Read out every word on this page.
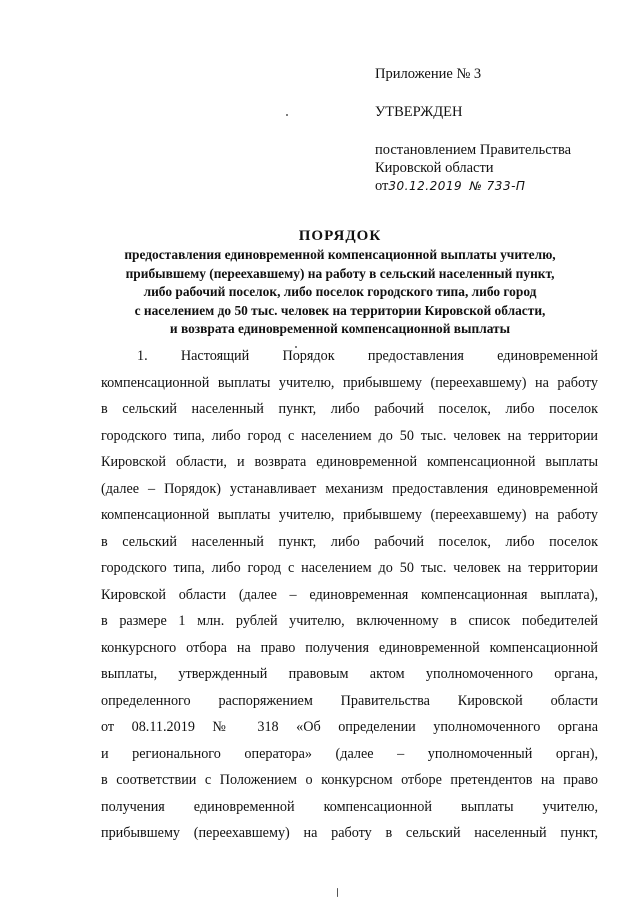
Приложение № 3
УТВЕРЖДЕН
постановлением Правительства
Кировской области
от30.12.2019 № 733-П
ПОРЯДОК
предоставления единовременной компенсационной выплаты учителю,
прибывшему (переехавшему) на работу в сельский населенный пункт,
либо рабочий поселок, либо поселок городского типа, либо город
с населением до 50 тыс. человек на территории Кировской области,
и возврата единовременной компенсационной выплаты
1. Настоящий Порядок предоставления единовременной
компенсационной выплаты учителю, прибывшему (переехавшему) на работу
в сельский населенный пункт, либо рабочий поселок, либо поселок
городского типа, либо город с населением до 50 тыс. человек на территории
Кировской области, и возврата единовременной компенсационной выплаты
(далее – Порядок) устанавливает механизм предоставления единовременной
компенсационной выплаты учителю, прибывшему (переехавшему) на работу
в сельский населенный пункт, либо рабочий поселок, либо поселок
городского типа, либо город с населением до 50 тыс. человек на территории
Кировской области (далее – единовременная компенсационная выплата),
в размере 1 млн. рублей учителю, включенному в список победителей
конкурсного отбора на право получения единовременной компенсационной
выплаты, утвержденный правовым актом уполномоченного органа,
определенного распоряжением Правительства Кировской области
от 08.11.2019 № 318 «Об определении уполномоченного органа
и регионального оператора» (далее – уполномоченный орган),
в соответствии с Положением о конкурсном отборе претендентов на право
получения единовременной компенсационной выплаты учителю,
прибывшему (переехавшему) на работу в сельский населенный пункт,
